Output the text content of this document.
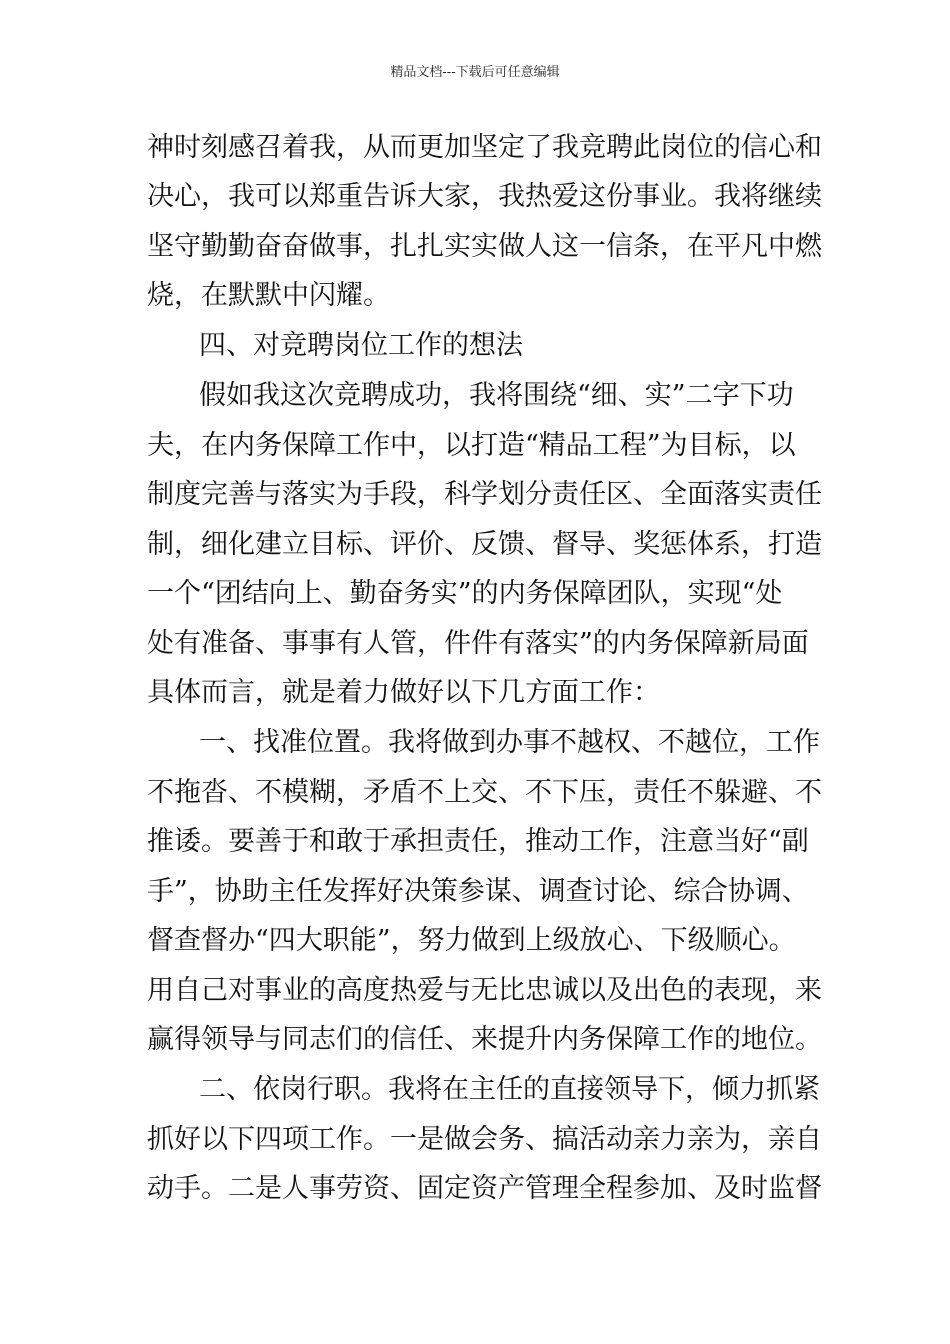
精品文档---下载后可任意编辑
神时刻感召着我，从而更加坚定了我竞聘此岗位的信心和
决心，我可以郑重告诉大家，我热爱这份事业。我将继续
坚守勤勤奋奋做事，扎扎实实做人这一信条，在平凡中燃
烧，在默默中闪耀。
四、对竞聘岗位工作的想法
假如我这次竞聘成功，我将围绕“细、实”二字下功
夫，在内务保障工作中，以打造“精品工程”为目标，以
制度完善与落实为手段，科学划分责任区、全面落实责任
制，细化建立目标、评价、反馈、督导、奖惩体系，打造
一个“团结向上、勤奋务实”的内务保障团队，实现“处
处有准备、事事有人管，件件有落实”的内务保障新局面
具体而言，就是着力做好以下几方面工作：
一、找准位置。我将做到办事不越权、不越位，工作
不拖沓、不模糊，矛盾不上交、不下压，责任不躲避、不
推诿。要善于和敢于承担责任，推动工作，注意当好“副
手”，协助主任发挥好决策参谋、调查讨论、综合协调、
督查督办“四大职能”，努力做到上级放心、下级顺心。
用自己对事业的高度热爱与无比忠诚以及出色的表现，来
赢得领导与同志们的信任、来提升内务保障工作的地位。
二、依岗行职。我将在主任的直接领导下，倾力抓紧
抓好以下四项工作。一是做会务、搞活动亲力亲为，亲自
动手。二是人事劳资、固定资产管理全程参加、及时监督
